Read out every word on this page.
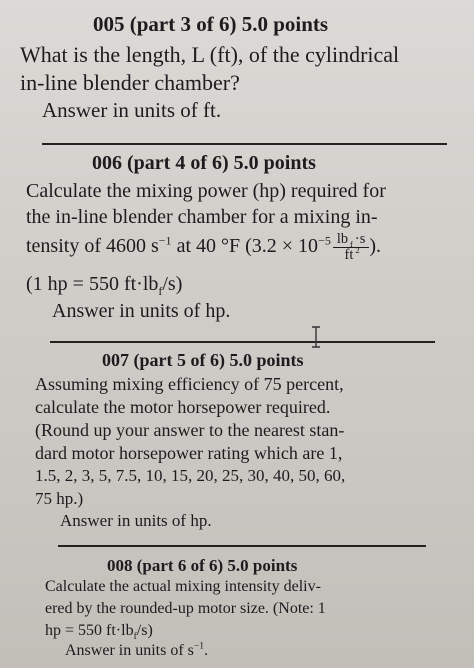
005 (part 3 of 6) 5.0 points
What is the length, L (ft), of the cylindrical
in-line blender chamber?
Answer in units of ft.
006 (part 4 of 6) 5.0 points
Calculate the mixing power (hp) required for
the in-line blender chamber for a mixing in-
tensity of 4600 $s^{-1}$ at 40 °F ($3.2 \times 10^{-5} \frac{lb _f \cdot s}{ft ^2}$ ).
(1 hp = 550 $ft\cdot lb_f/s$)
Answer in units of hp.
007 (part 5 of 6) 5.0 points
Assuming mixing efficiency of 75 percent,
calculate the motor horsepower required.
(Round up your answer to the nearest stan-
dard motor horsepower rating which are 1,
1.5, 2, 3, 5, 7.5, 10, 15, 20, 25, 30, 40, 50, 60,
75 hp.)
Answer in units of hp.
008 (part 6 of 6) 5.0 points
Calculate the actual mixing intensity deliv-
ered by the rounded-up motor size. (Note: 1
hp = 550 $ft\cdot lb_f/s$)
Answer in units of $s^{-1}$.
